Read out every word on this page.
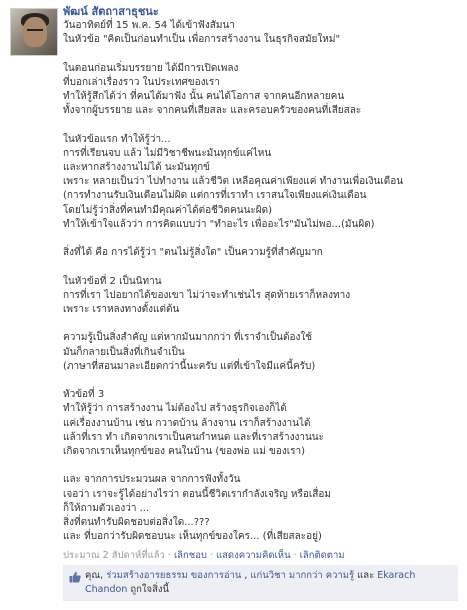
พัฒน์ สัตถาสาธุชนะ
วันอาทิตย์ที่ 15 พ.ค. 54 ได้เข้าฟังสัมนา
ในหัวข้อ "คิดเป็นก่อนทำเป็น เพื่อการสร้างงาน ในธุรกิจสมัยใหม่"
ในตอนก่อนเริ่มบรรยาย ได้มีการเปิดเพลง
ที่บอกเล่าเรื่องราว ในประเทศของเรา
ทำให้รู้สึกได้ว่า ที่คนได้มาฟัง นั้น คนได้โอกาส จากคนอีกหลายคน
ทั้งจากผู้บรรยาย และ จากคนที่เสียสละ และครอบครัวของคนที่เสียสละ
ในหัวข้อแรก ทำให้รู้ว่า...
การที่เรียนจบ แล้ว ไม่มีวิชาชีพนะมันทุกข์แค่ไหน
และหากสร้างงานไม่ได้ นะมันทุกข์
เพราะ หลายเป็นว่า ไปทำงาน แล้วชีวิต เหลือคุณค่าเพียงแค่ ทำงานเพื่อเงินเดือน
(การทำงานรับเงินเดือนไม่ผิด แต่การที่เราทำ เราสนใจเพียงแค่เงินเดือน
โดยไม่รู้ว่าสิ่งที่คนทำมีคุณค่าได้ต่อชีวิตคนนะผิด)
ทำให้เข้าใจแล้วว่า การคิดแบบว่า "ทำอะไร เพื่ออะไร"มันไม่พอ...(มันผิด)
สิ่งที่ได้ คือ การได้รู้ว่า "ตนไม่รู้สิ่งใด" เป็นความรู้ที่สำคัญมาก
ในหัวข้อที่ 2 เป็นนิทาน
การที่เรา ไปอยากได้ของเขา ไม่ว่าจะทำเช่นไร สุดท้ายเราก็หลงทาง
เพราะ เราหลงทางตั้งแต่ต้น
ความรู้เป็นสิ่งสำคัญ แต่หากมันมากกว่า ที่เราจำเป็นต้องใช้
มันก็กลายเป็นสิ่งที่เกินจำเป็น
(ภาษาที่สอนมาละเอียดกว่านี้นะครับ แต่ที่เข้าใจมีแค่นี้ครับ)
หัวข้อที่ 3
ทำให้รู้ว่า การสร้างงาน ไม่ต้องไป สร้างธุรกิจเองก็ได้
แค่เรื่องงานบ้าน เช่น กวาดบ้าน ล้างจาน เราก็สร้างงานได้
แล้าที่เรา ทำ เกิดจากเราเป็นคนกำหนด และที่เราสร้างงานนะ
เกิดจากเราเห็นทุกข์ของ คนในบ้าน (ของพ่อ แม่ ของเรา)
และ จากการประมวนผล จากการฟังทั้งวัน
เจอว่า เราจะรู้ได้อย่างไรว่า ตอนนี้ชีวิตเรากำลังเจริญ หรือเสื่อม
ก็ให้ถามตัวเองว่า ...
สิ่งที่ตนทำรับผิดชอบต่อสิ่งใด...???
และ ที่บอกว่ารับผิดชอบนะ เห็นทุกข์ของใคร... (ที่เสียสละอยู่)
ประมาณ 2 สัปดาห์ที่แล้ว · เลิกชอบ · แสดงความคิดเห็น · เลิกติดตาม
คุณ, ร่วมสร้างอารยธรรม ของการอ่าน , แก่นวิชา มากกว่า ความรู้ และ Ekarach Chandon ถูกใจสิ่งนี้
